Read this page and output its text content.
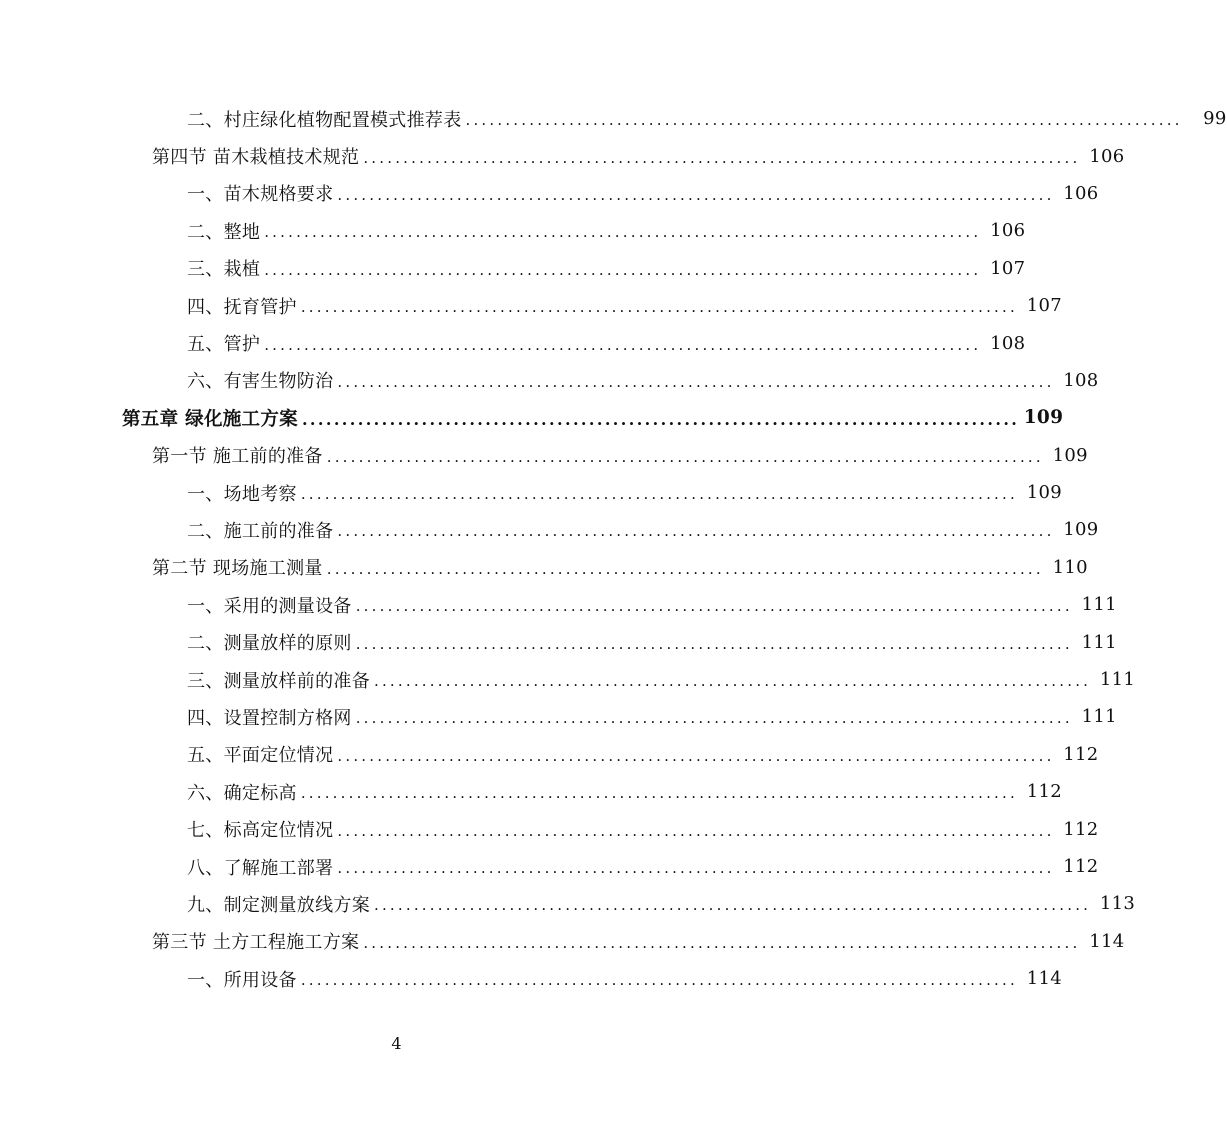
二、村庄绿化植物配置模式推荐表 ..........................................................................................	99
第四节 苗木栽植技术规范 .......................................................................................... 106
一、苗木规格要求 .......................................................................................... 106
二、整地 .......................................................................................... 106
三、栽植 .......................................................................................... 107
四、抚育管护 .......................................................................................... 107
五、管护 .......................................................................................... 108
六、有害生物防治 .......................................................................................... 108
第五章 绿化施工方案 .......................................................................................... 109
第一节 施工前的准备 .......................................................................................... 109
一、场地考察 .......................................................................................... 109
二、施工前的准备 .......................................................................................... 109
第二节 现场施工测量 .......................................................................................... 110
一、采用的测量设备 .......................................................................................... 111
二、测量放样的原则 .......................................................................................... 111
三、测量放样前的准备 .......................................................................................... 111
四、设置控制方格网 .......................................................................................... 111
五、平面定位情况 .......................................................................................... 112
六、确定标高 .......................................................................................... 112
七、标高定位情况 .......................................................................................... 112
八、了解施工部署 .......................................................................................... 112
九、制定测量放线方案 .......................................................................................... 113
第三节 土方工程施工方案 .......................................................................................... 114
一、所用设备 .......................................................................................... 114
4
